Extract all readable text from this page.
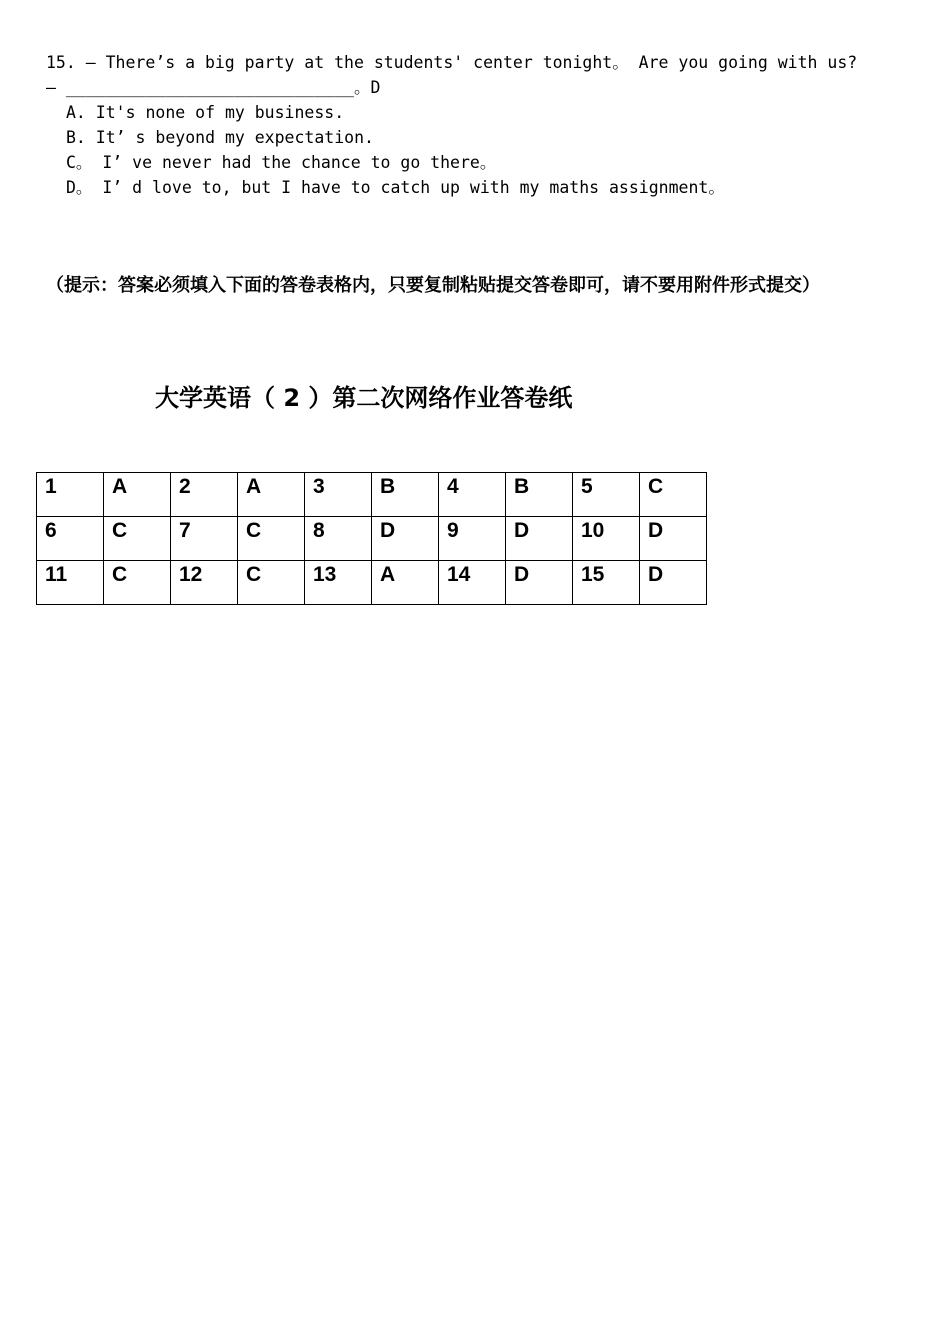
15. — There’s a big party at the students' center tonight。 Are you going with us?
— _____________________________。D
A. It's none of my business.
B. It’ s beyond my expectation.
C。 I’ ve never had the chance to go there。
D。 I’ d love to, but I have to catch up with my maths assignment。
（提示：答案必须填入下面的答卷表格内，只要复制粘贴提交答卷即可，请不要用附件形式提交）
大学英语（ 2 ）第二次网络作业答卷纸
1	A	2	A	3	B	4	B	5	C
6	C	7	C	8	D	9	D	10	D
11	C	12	C	13	A	14	D	15	D
